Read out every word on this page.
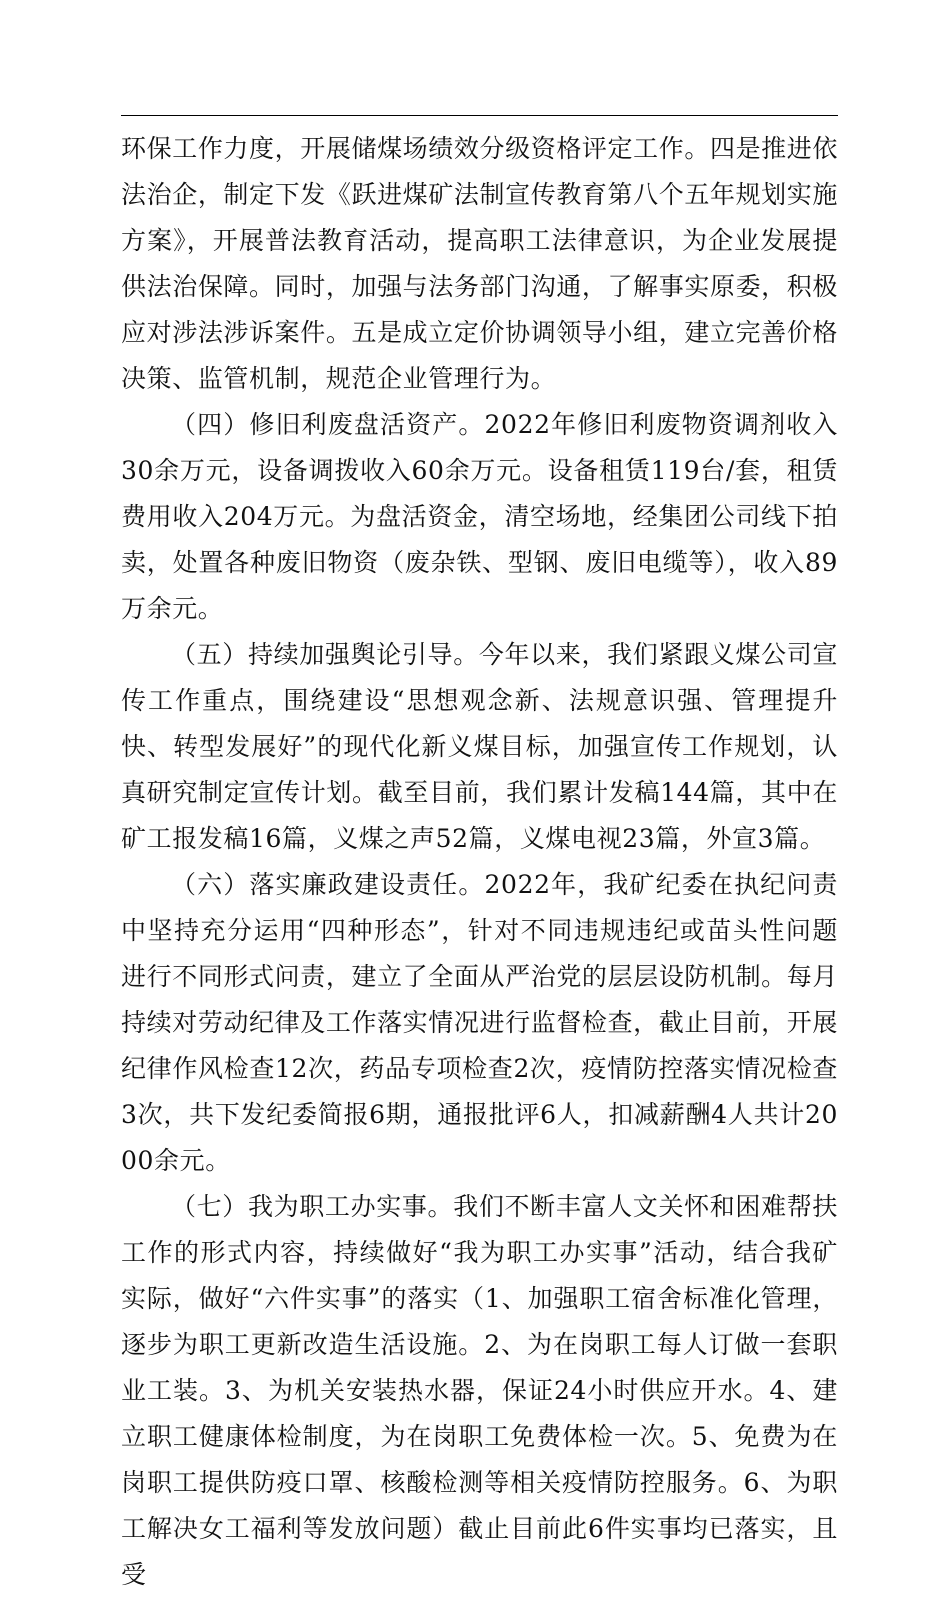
环保工作力度，开展储煤场绩效分级资格评定工作。四是推进依法治企，制定下发《跃进煤矿法制宣传教育第八个五年规划实施方案》，开展普法教育活动，提高职工法律意识，为企业发展提供法治保障。同时，加强与法务部门沟通，了解事实原委，积极应对涉法涉诉案件。五是成立定价协调领导小组，建立完善价格决策、监管机制，规范企业管理行为。

（四）修旧利废盘活资产。2022年修旧利废物资调剂收入30余万元，设备调拨收入60余万元。设备租赁119台/套，租赁费用收入204万元。为盘活资金，清空场地，经集团公司线下拍卖，处置各种废旧物资（废杂铁、型钢、废旧电缆等），收入89万余元。

（五）持续加强舆论引导。今年以来，我们紧跟义煤公司宣传工作重点，围绕建设“思想观念新、法规意识强、管理提升快、转型发展好”的现代化新义煤目标，加强宣传工作规划，认真研究制定宣传计划。截至目前，我们累计发稿144篇，其中在矿工报发稿16篇，义煤之声52篇，义煤电视23篇，外宣3篇。

（六）落实廉政建设责任。2022年，我矿纪委在执纪问责中坚持充分运用“四种形态”，针对不同违规违纪或苗头性问题进行不同形式问责，建立了全面从严治党的层层设防机制。每月持续对劳动纪律及工作落实情况进行监督检查，截止目前，开展纪律作风检查12次，药品专项检查2次，疫情防控落实情况检查3次，共下发纪委简报6期，通报批评6人，扣减薪酬4人共计2000余元。

（七）我为职工办实事。我们不断丰富人文关怀和困难帮扶工作的形式内容，持续做好“我为职工办实事”活动，结合我矿实际，做好“六件实事”的落实（1、加强职工宿舍标准化管理，逐步为职工更新改造生活设施。2、为在岗职工每人订做一套职业工装。3、为机关安装热水器，保证24小时供应开水。4、建立职工健康体检制度，为在岗职工免费体检一次。5、免费为在岗职工提供防疫口罩、核酸检测等相关疫情防控服务。6、为职工解决女工福利等发放问题）截止目前此6件实事均已落实，且受
